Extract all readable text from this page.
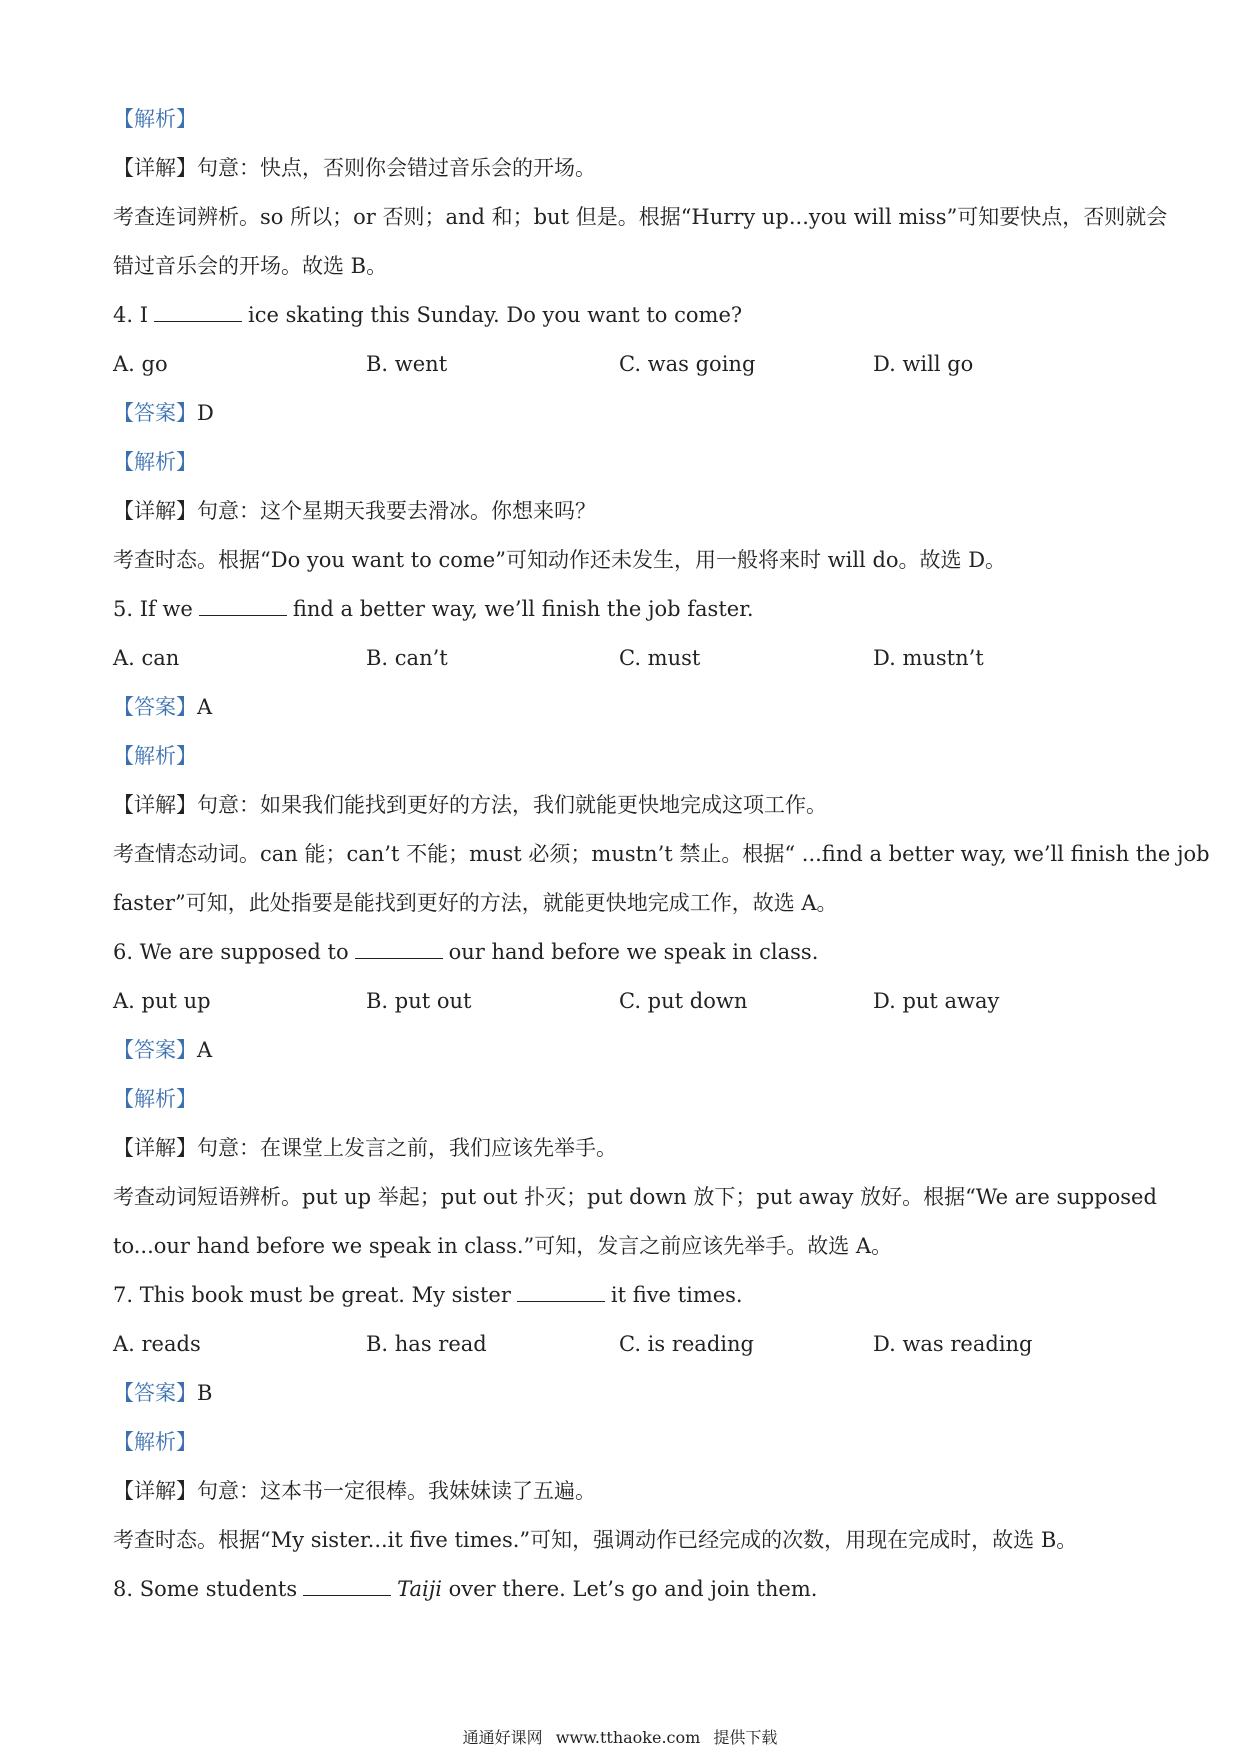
【解析】
【详解】句意：快点，否则你会错过音乐会的开场。
考查连词辨析。so 所以；or 否则；and 和；but 但是。根据“Hurry up...you will miss”可知要快点，否则就会
错过音乐会的开场。故选 B。
4. I	ice skating this Sunday. Do you want to come?
A. go	B. went	C. was going	D. will go
【答案】D
【解析】
【详解】句意：这个星期天我要去滑冰。你想来吗？
考查时态。根据“Do you want to come”可知动作还未发生，用一般将来时 will do。故选 D。
5. If we	find a better way, we’ll finish the job faster.
A. can	B. can’t	C. must	D. mustn’t
【答案】A
【解析】
【详解】句意：如果我们能找到更好的方法，我们就能更快地完成这项工作。
考查情态动词。can 能；can’t 不能；must 必须；mustn’t 禁止。根据“ ...find a better way, we’ll finish the job
faster”可知，此处指要是能找到更好的方法，就能更快地完成工作，故选 A。
6. We are supposed to	our hand before we speak in class.
A. put up	B. put out	C. put down	D. put away
【答案】A
【解析】
【详解】句意：在课堂上发言之前，我们应该先举手。
考查动词短语辨析。put up 举起；put out 扑灭；put down 放下；put away 放好。根据“We are supposed
to...our hand before we speak in class.”可知，发言之前应该先举手。故选 A。
7. This book must be great. My sister	it five times.
A. reads	B. has read	C. is reading	D. was reading
【答案】B
【解析】
【详解】句意：这本书一定很棒。我妹妹读了五遍。
考查时态。根据“My sister...it five times.”可知，强调动作已经完成的次数，用现在完成时，故选 B。
8. Some students	Taiji over there. Let’s go and join them.
通通好课网 www.tthaoke.com 提供下载
